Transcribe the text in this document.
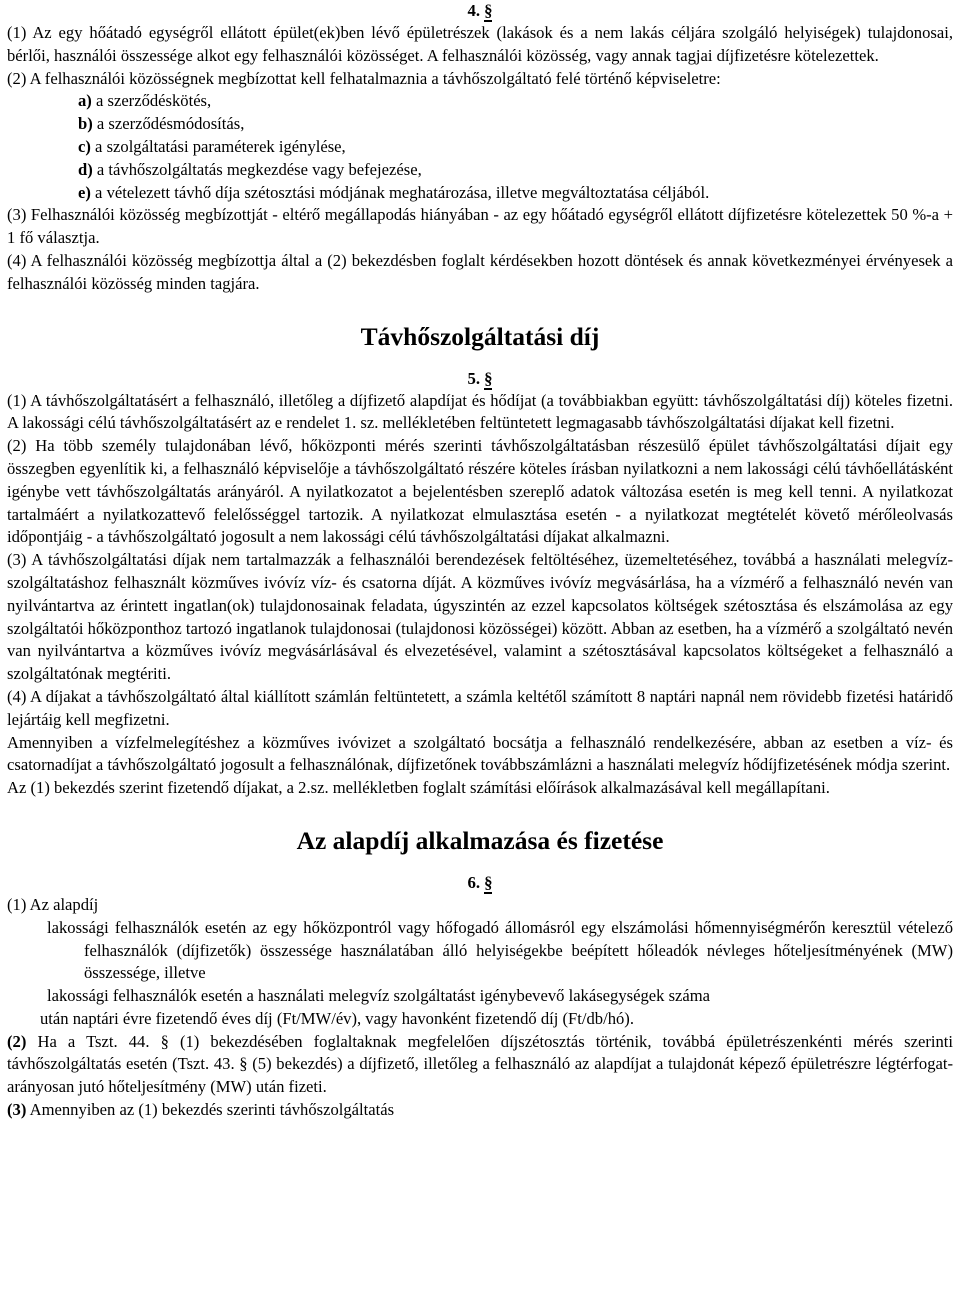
4. §

(1) Az egy hőátadó egységről ellátott épület(ek)ben lévő épületrészek (lakások és a nem lakás céljára szolgáló helyiségek) tulajdonosai, bérlői, használói összessége alkot egy felhasználói közösséget. A felhasználói közösség, vagy annak tagjai díjfizetésre kötelezettek.

(2) A felhasználói közösségnek megbízottat kell felhatalmaznia a távhőszolgáltató felé történő képviseletre:

a) a szerződéskötés,

b) a szerződésmódosítás,

c) a szolgáltatási paraméterek igénylése,

d) a távhőszolgáltatás megkezdése vagy befejezése,

e) a vételezett távhő díja szétosztási módjának meghatározása, illetve megváltoztatása céljából.

(3) Felhasználói közösség megbízottját - eltérő megállapodás hiányában - az egy hőátadó egységről ellátott díjfizetésre kötelezettek 50 %-a + 1 fő választja.

(4) A felhasználói közösség megbízottja által a (2) bekezdésben foglalt kérdésekben hozott döntések és annak következményei érvényesek a felhasználói közösség minden tagjára.

Távhőszolgáltatási díj
5. §

(1) A távhőszolgáltatásért a felhasználó, illetőleg a díjfizető alapdíjat és hődíjat (a továbbiakban együtt: távhőszolgáltatási díj) köteles fizetni. A lakossági célú távhőszolgáltatásért az e rendelet 1. sz. mellékletében feltüntetett legmagasabb távhőszolgáltatási díjakat kell fizetni.

(2) Ha több személy tulajdonában lévő, hőközponti mérés szerinti távhőszolgáltatásban részesülő épület távhőszolgáltatási díjait egy összegben egyenlítik ki, a felhasználó képviselője a távhőszolgáltató részére köteles írásban nyilatkozni a nem lakossági célú távhőellátásként igénybe vett távhőszolgáltatás arányáról. A nyilatkozatot a bejelentésben szereplő adatok változása esetén is meg kell tenni. A nyilatkozat tartalmáért a nyilatkozattevő felelősséggel tartozik. A nyilatkozat elmulasztása esetén - a nyilatkozat megtételét követő mérőleolvasás időpontjáig - a távhőszolgáltató jogosult a nem lakossági célú távhőszolgáltatási díjakat alkalmazni.

(3) A távhőszolgáltatási díjak nem tartalmazzák a felhasználói berendezések feltöltéséhez, üzemeltetéséhez, továbbá a használati melegvíz-szolgáltatáshoz felhasznált közműves ivóvíz víz- és csatorna díját. A közműves ivóvíz megvásárlása, ha a vízmérő a felhasználó nevén van nyilvántartva az érintett ingatlan(ok) tulajdonosainak feladata, úgyszintén az ezzel kapcsolatos költségek szétosztása és elszámolása az egy szolgáltatói hőközponthoz tartozó ingatlanok tulajdonosai (tulajdonosi közösségei) között. Abban az esetben, ha a vízmérő a szolgáltató nevén van nyilvántartva a közműves ivóvíz megvásárlásával és elvezetésével, valamint a szétosztásával kapcsolatos költségeket a felhasználó a szolgáltatónak megtériti.

(4) A díjakat a távhőszolgáltató által kiállított számlán feltüntetett, a számla keltétől számított 8 naptári napnál nem rövidebb fizetési határidő lejártáig kell megfizetni.

Amennyiben a vízfelmelegítéshez a közműves ivóvizet a szolgáltató bocsátja a felhasználó rendelkezésére, abban az esetben a víz- és csatornadíjat a távhőszolgáltató jogosult a felhasználónak, díjfizetőnek továbbszámlázni a használati melegvíz hődíjfizetésének módja szerint.

Az (1) bekezdés szerint fizetendő díjakat, a 2.sz. mellékletben foglalt számítási előírások alkalmazásával kell megállapítani.

Az alapdíj alkalmazása és fizetése
6. §

(1) Az alapdíj

lakossági felhasználók esetén az egy hőközpontról vagy hőfogadó állomásról egy elszámolási hőmennyiségmérőn keresztül vételező felhasználók (díjfizetők) összessége használatában álló helyiségekbe beépített hőleadók névleges hőteljesítményének (MW) összessége, illetve

lakossági felhasználók esetén a használati melegvíz szolgáltatást igénybevevő lakásegységek száma

után naptári évre fizetendő éves díj (Ft/MW/év), vagy havonként fizetendő díj (Ft/db/hó).

(2) Ha a Tszt. 44. § (1) bekezdésében foglaltaknak megfelelően díjszétosztás történik, továbbá épületrészenkénti mérés szerinti távhőszolgáltatás esetén (Tszt. 43. § (5) bekezdés) a díjfizető, illetőleg a felhasználó az alapdíjat a tulajdonát képező épületrészre légtérfogat-arányosan jutó hőteljesítmény (MW) után fizeti.

(3) Amennyiben az (1) bekezdés szerinti távhőszolgáltatás
